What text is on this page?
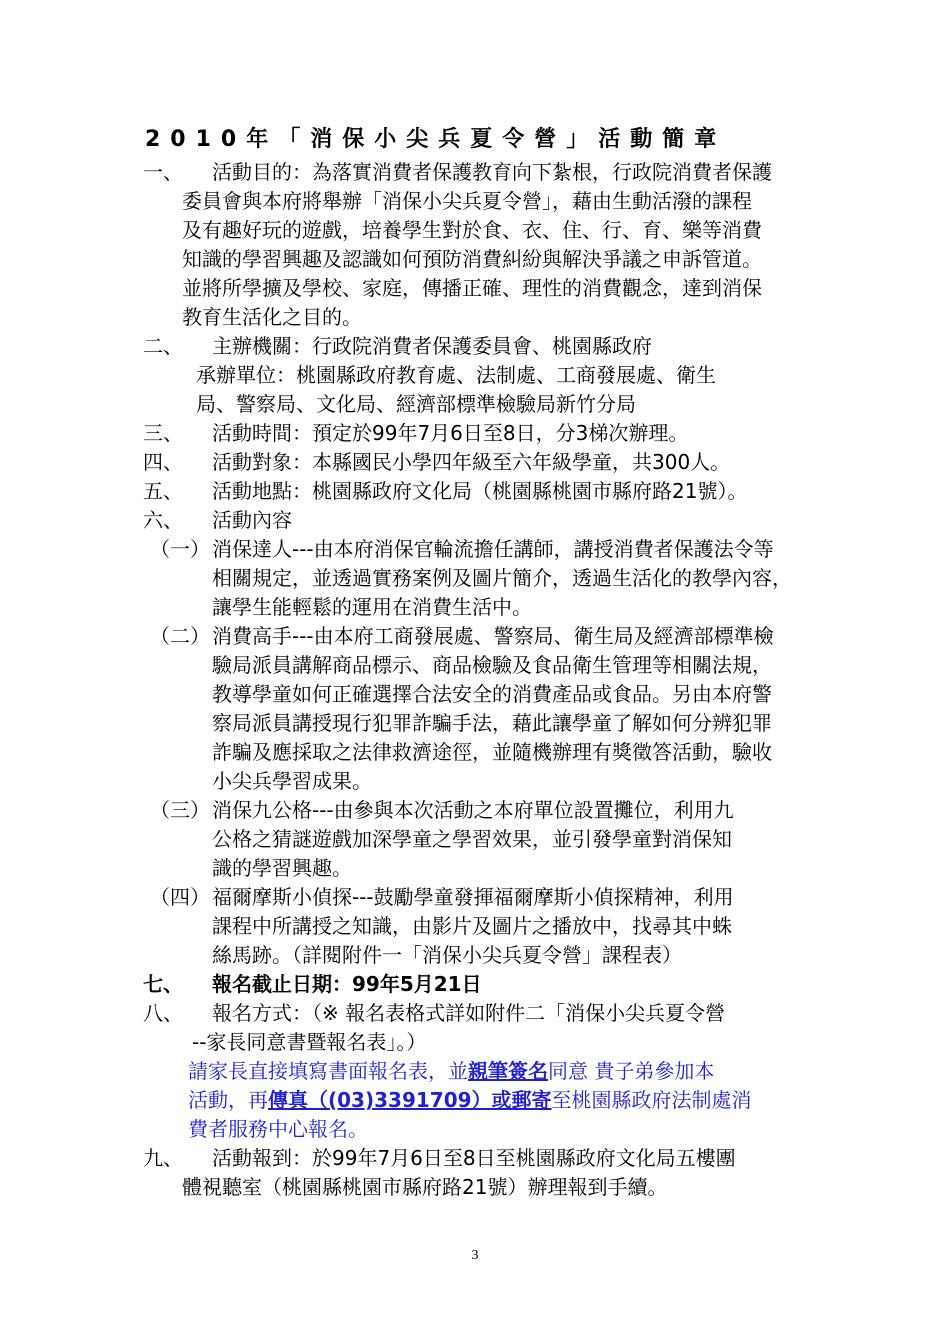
2010年「消保小尖兵夏令營」活動簡章
一、 活動目的：為落實消費者保護教育向下紮根，行政院消費者保護
委員會與本府將舉辦「消保小尖兵夏令營」，藉由生動活潑的課程
及有趣好玩的遊戲，培養學生對於食、衣、住、行、育、樂等消費
知識的學習興趣及認識如何預防消費糾紛與解決爭議之申訴管道。
並將所學擴及學校、家庭，傳播正確、理性的消費觀念，達到消保
教育生活化之目的。
二、 主辦機關：行政院消費者保護委員會、桃園縣政府
承辦單位：桃園縣政府教育處、法制處、工商發展處、衛生
局、警察局、文化局、經濟部標準檢驗局新竹分局
三、 活動時間：預定於99年7月6日至8日，分3梯次辦理。
四、 活動對象：本縣國民小學四年級至六年級學童，共300人。
五、 活動地點：桃園縣政府文化局（桃園縣桃園市縣府路21號）。
六、 活動內容
（一） 消保達人---由本府消保官輪流擔任講師，講授消費者保護法令等
相關規定，並透過實務案例及圖片簡介，透過生活化的教學內容，
讓學生能輕鬆的運用在消費生活中。
（二） 消費高手---由本府工商發展處、警察局、衛生局及經濟部標準檢
驗局派員講解商品標示、商品檢驗及食品衛生管理等相關法規，
教導學童如何正確選擇合法安全的消費產品或食品。另由本府警
察局派員講授現行犯罪詐騙手法，藉此讓學童了解如何分辨犯罪
詐騙及應採取之法律救濟途徑，並隨機辦理有獎徵答活動，驗收
小尖兵學習成果。
（三） 消保九公格---由參與本次活動之本府單位設置攤位，利用九
公格之猜謎遊戲加深學童之學習效果，並引發學童對消保知
識的學習興趣。
（四） 福爾摩斯小偵探---鼓勵學童發揮福爾摩斯小偵探精神，利用
課程中所講授之知識，由影片及圖片之播放中，找尋其中蛛
絲馬跡。（詳閱附件一「消保小尖兵夏令營」課程表）
七、 報名截止日期：99年5月21日
八、 報名方式：（※ 報名表格式詳如附件二「消保小尖兵夏令營
--家長同意書暨報名表」。）
請家長直接填寫書面報名表，並親筆簽名同意 貴子弟參加本
活動，再傳真（(03)3391709）或郵寄至桃園縣政府法制處消
費者服務中心報名。
九、 活動報到：於99年7月6日至8日至桃園縣政府文化局五樓團
體視聽室（桃園縣桃園市縣府路21號）辦理報到手續。
3
